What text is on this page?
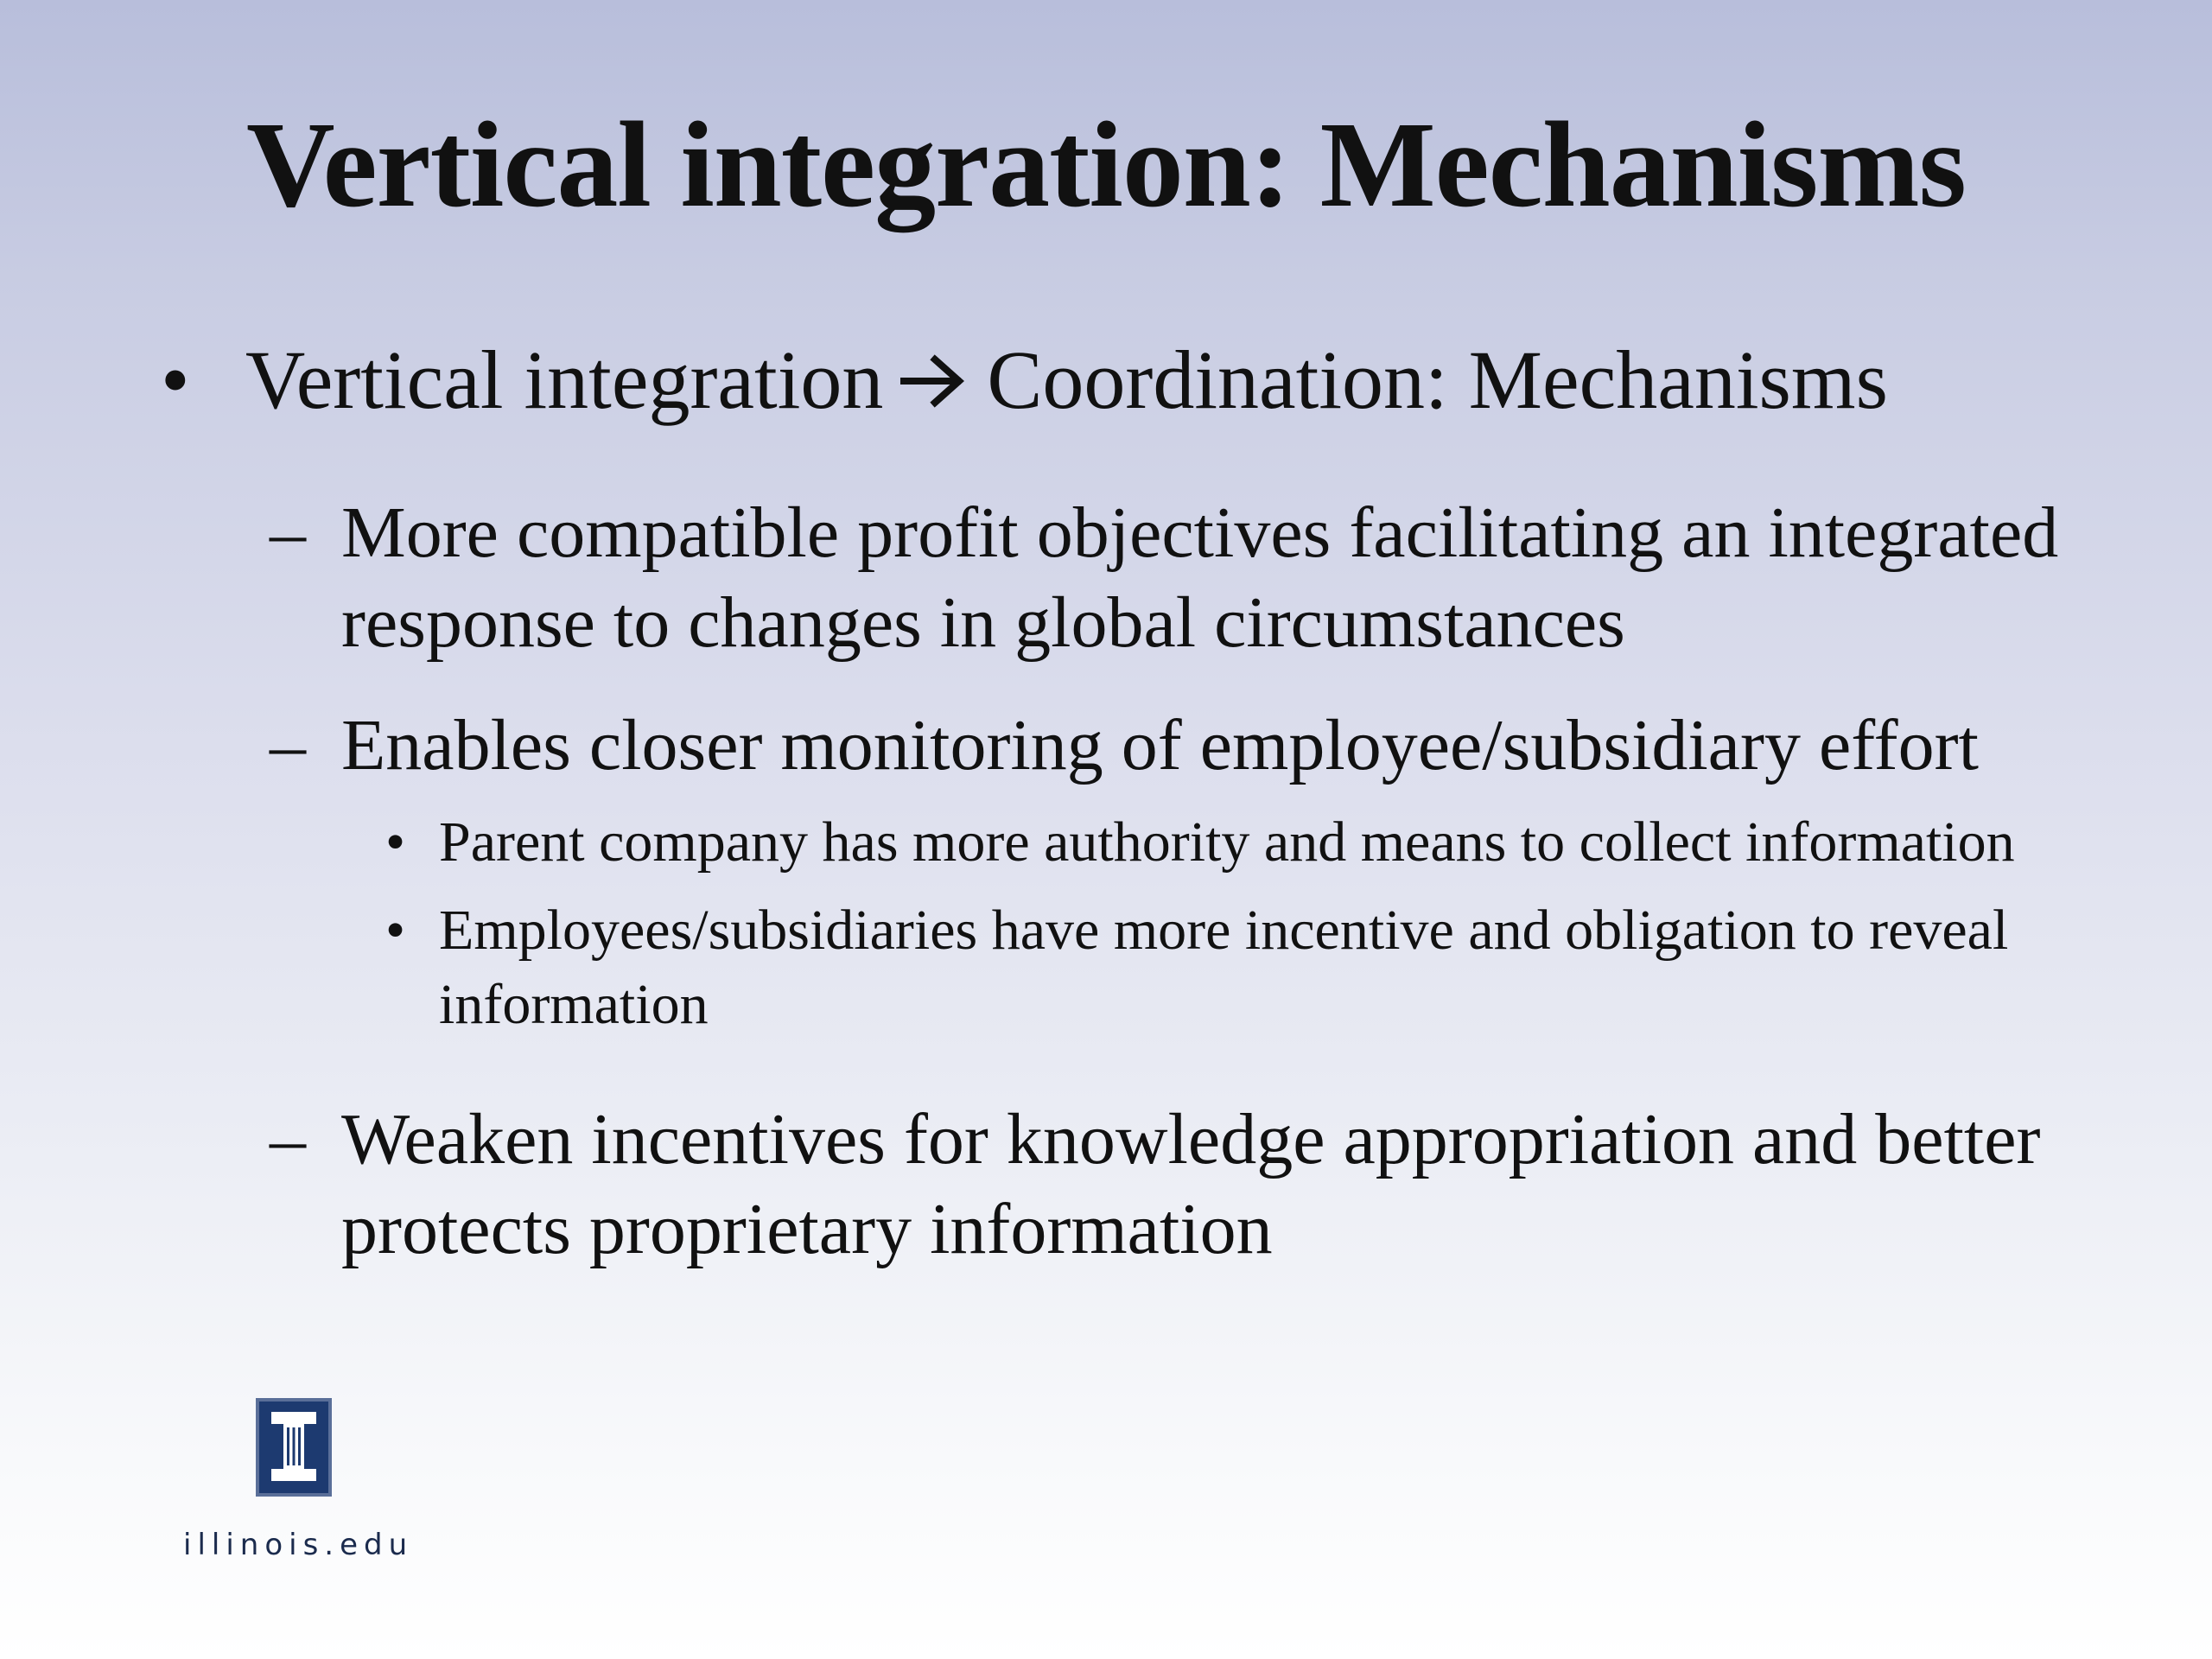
Vertical integration: Mechanisms
• Vertical integration Coordination: Mechanisms
– More compatible profit objectives facilitating an integrated response to changes in global circumstances
– Enables closer monitoring of employee/subsidiary effort
• Parent company has more authority and means to collect information
• Employees/subsidiaries have more incentive and obligation to reveal information
– Weaken incentives for knowledge appropriation and better protects proprietary information
illinois.edu
